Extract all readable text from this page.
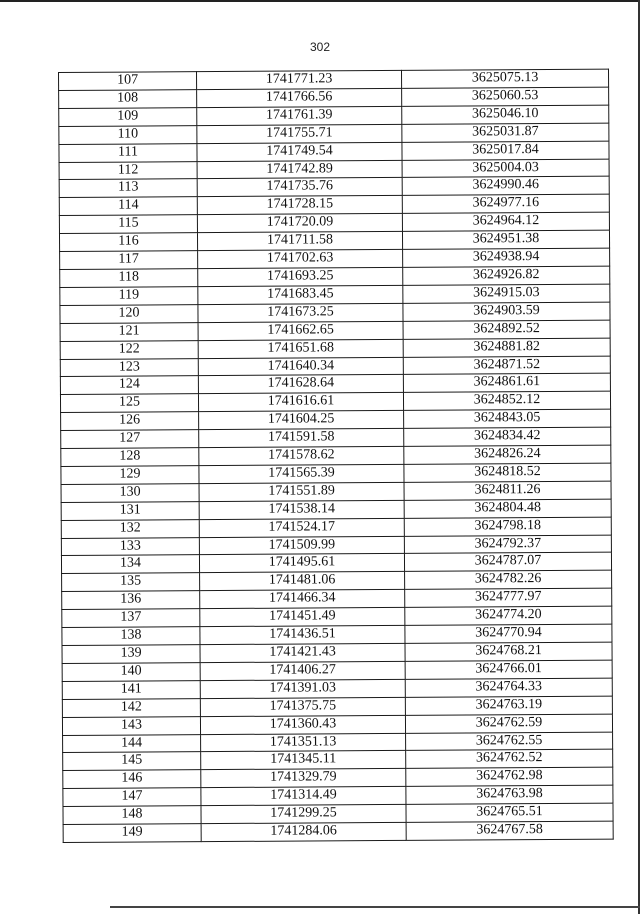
302
107	1741771.23	3625075.13
108	1741766.56	3625060.53
109	1741761.39	3625046.10
110	1741755.71	3625031.87
111	1741749.54	3625017.84
112	1741742.89	3625004.03
113	1741735.76	3624990.46
114	1741728.15	3624977.16
115	1741720.09	3624964.12
116	1741711.58	3624951.38
117	1741702.63	3624938.94
118	1741693.25	3624926.82
119	1741683.45	3624915.03
120	1741673.25	3624903.59
121	1741662.65	3624892.52
122	1741651.68	3624881.82
123	1741640.34	3624871.52
124	1741628.64	3624861.61
125	1741616.61	3624852.12
126	1741604.25	3624843.05
127	1741591.58	3624834.42
128	1741578.62	3624826.24
129	1741565.39	3624818.52
130	1741551.89	3624811.26
131	1741538.14	3624804.48
132	1741524.17	3624798.18
133	1741509.99	3624792.37
134	1741495.61	3624787.07
135	1741481.06	3624782.26
136	1741466.34	3624777.97
137	1741451.49	3624774.20
138	1741436.51	3624770.94
139	1741421.43	3624768.21
140	1741406.27	3624766.01
141	1741391.03	3624764.33
142	1741375.75	3624763.19
143	1741360.43	3624762.59
144	1741351.13	3624762.55
145	1741345.11	3624762.52
146	1741329.79	3624762.98
147	1741314.49	3624763.98
148	1741299.25	3624765.51
149	1741284.06	3624767.58
